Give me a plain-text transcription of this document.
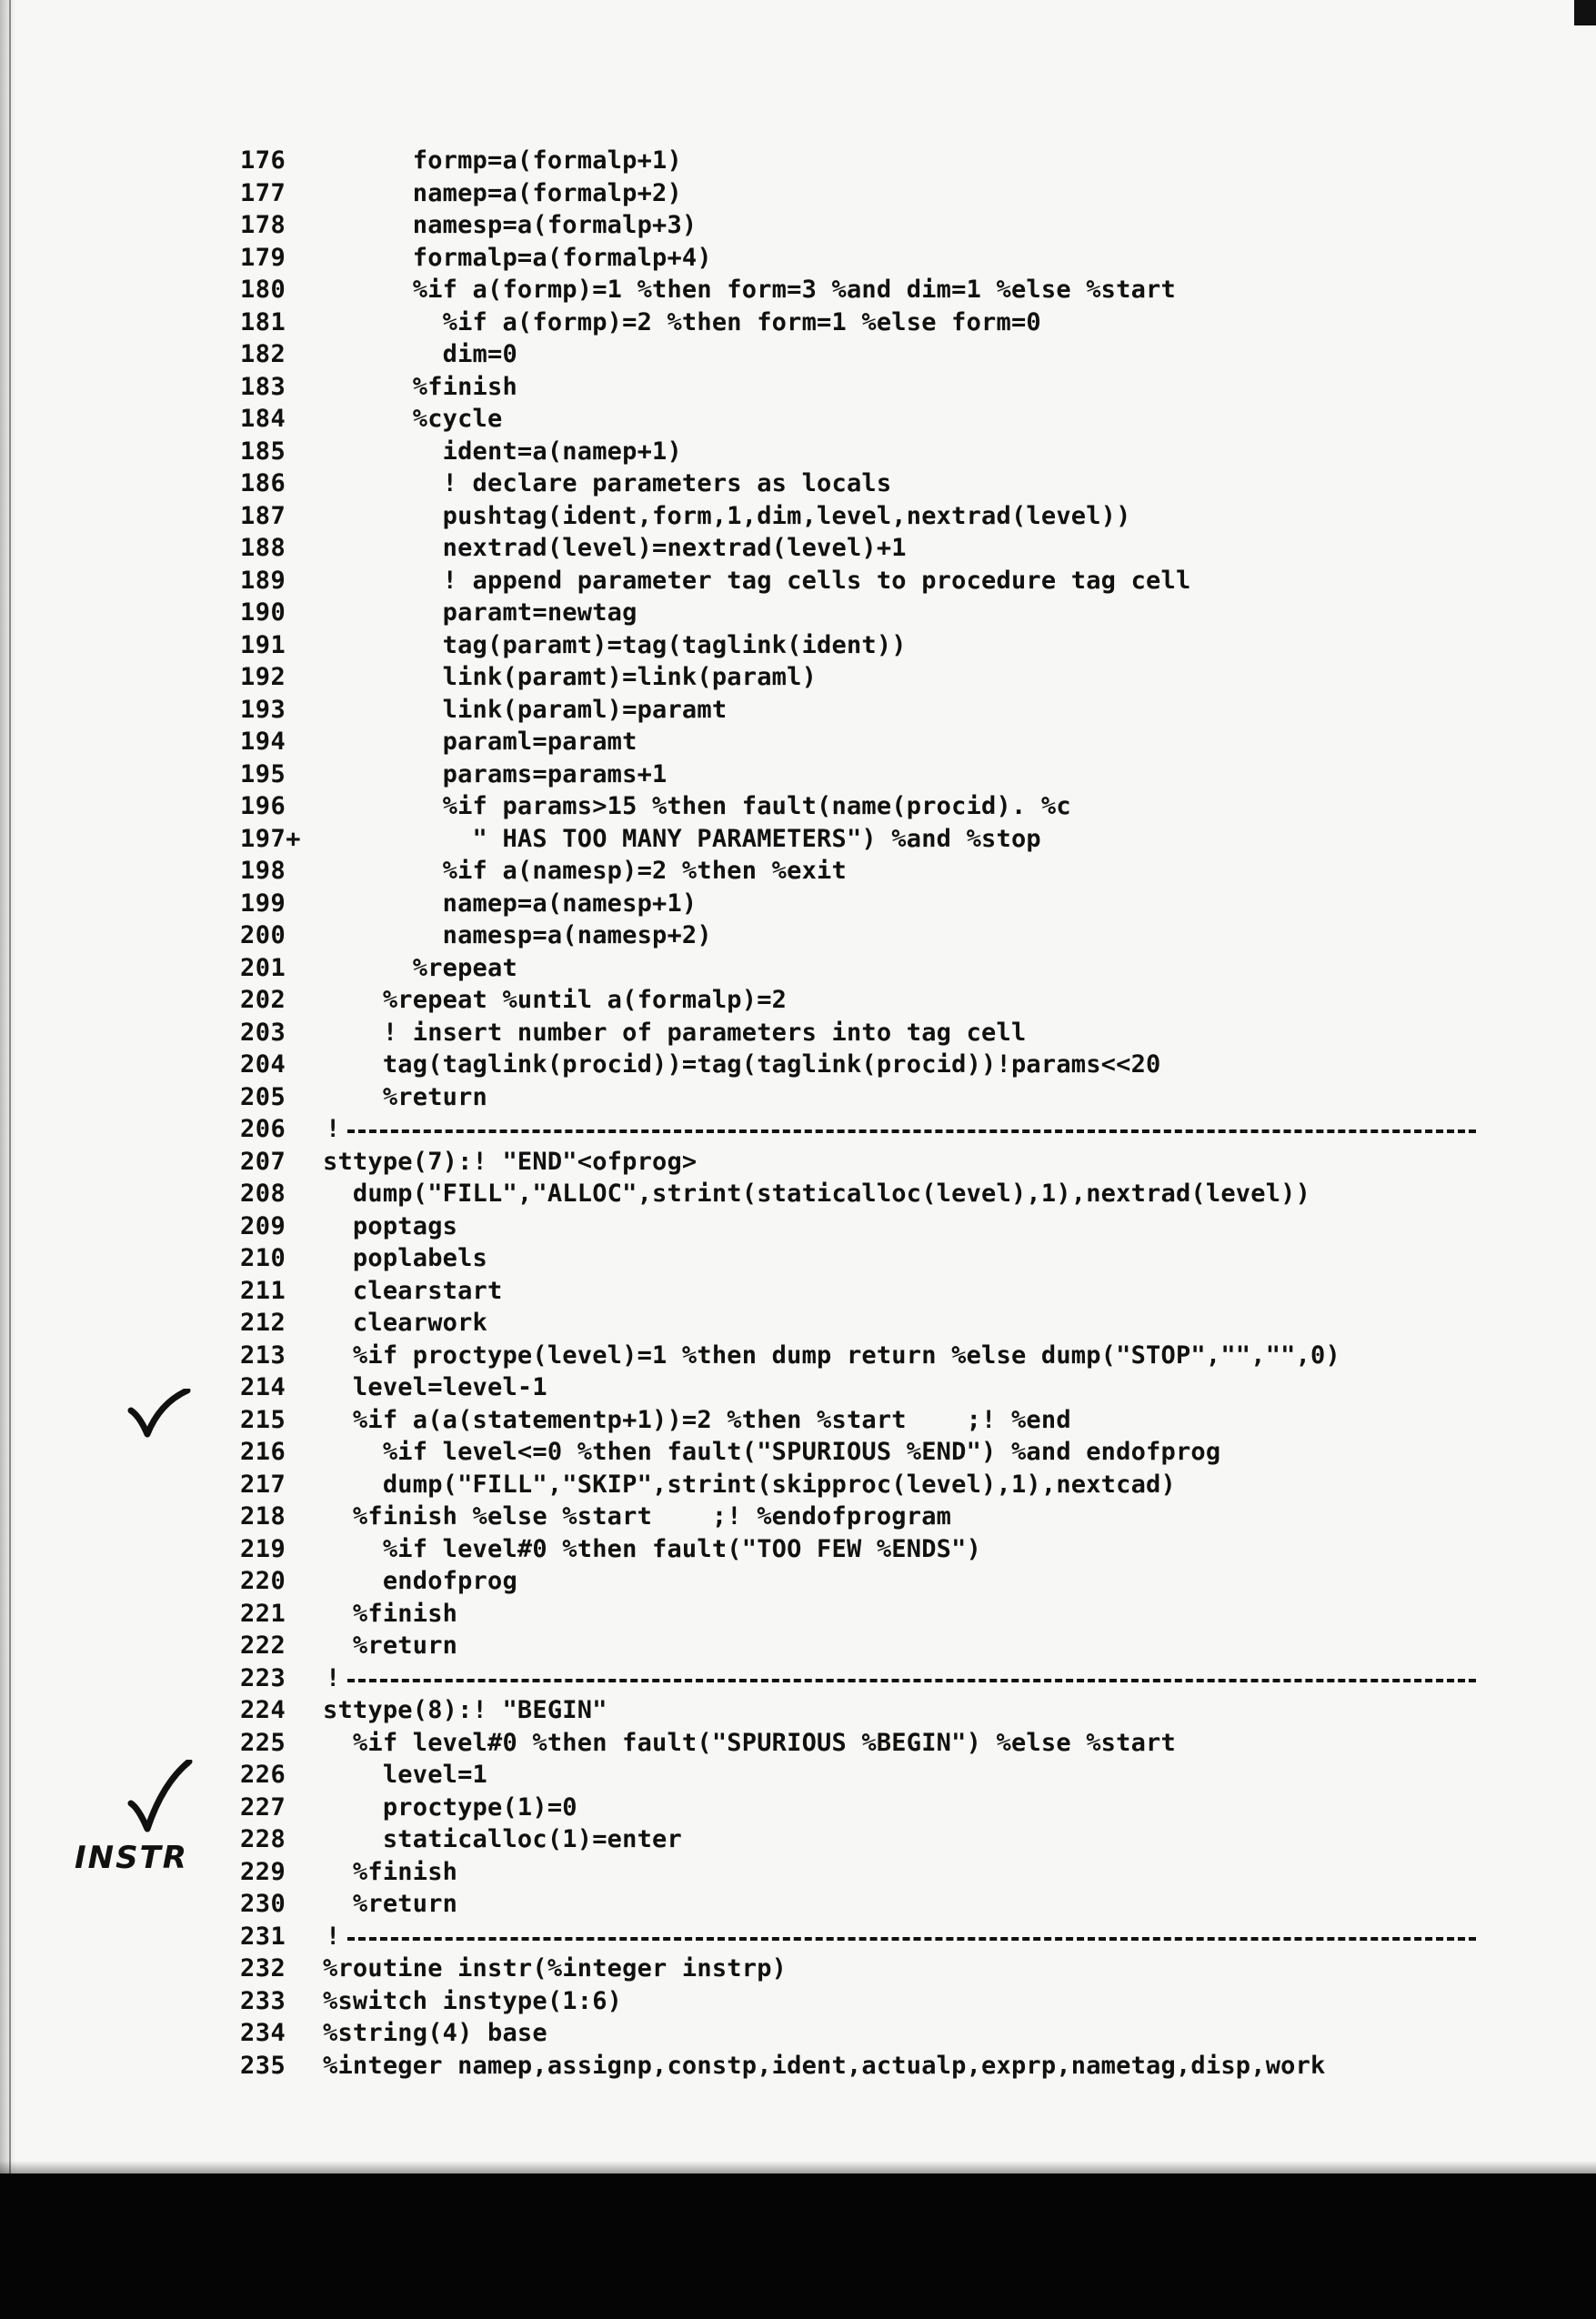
176	formp=a(formalp+1)
177	namep=a(formalp+2)
178	namesp=a(formalp+3)
179	formalp=a(formalp+4)
180	%if a(formp)=1 %then form=3 %and dim=1 %else %start
181	%if a(formp)=2 %then form=1 %else form=0
182	dim=0
183	%finish
184	%cycle
185	ident=a(namep+1)
186	! declare parameters as locals
187	pushtag(ident,form,1,dim,level,nextrad(level))
188	nextrad(level)=nextrad(level)+1
189	! append parameter tag cells to procedure tag cell
190	paramt=newtag
191	tag(paramt)=tag(taglink(ident))
192	link(paramt)=link(paraml)
193	link(paraml)=paramt
194	paraml=paramt
195	params=params+1
196	%if params>15 %then fault(name(procid). %c
197+ " HAS TOO MANY PARAMETERS") %and %stop
198	%if a(namesp)=2 %then %exit
199	namep=a(namesp+1)
200	namesp=a(namesp+2)
201	%repeat
202	%repeat %until a(formalp)=2
203	! insert number of parameters into tag cell
204	tag(taglink(procid))=tag(taglink(procid))!params<<20
205	%return
206	!
207	sttype(7):! "END"<ofprog>
208	dump("FILL","ALLOC",strint(staticalloc(level),1),nextrad(level))
209	poptags
210	poplabels
211	clearstart
212	clearwork
213	%if proctype(level)=1 %then dump return %else dump("STOP","","",0)
214	level=level-1
215	%if a(a(statementp+1))=2 %then %start    ;! %end
216	%if level<=0 %then fault("SPURIOUS %END") %and endofprog
217	dump("FILL","SKIP",strint(skipproc(level),1),nextcad)
218	%finish %else %start    ;! %endofprogram
219	%if level#0 %then fault("TOO FEW %ENDS")
220	endofprog
221	%finish
222	%return
223	!
224	sttype(8):! "BEGIN"
225	%if level#0 %then fault("SPURIOUS %BEGIN") %else %start
226	level=1
227	proctype(1)=0
228	staticalloc(1)=enter
229	%finish
230	%return
231	!
232	%routine instr(%integer instrp)
233	%switch instype(1:6)
234	%string(4) base
235	%integer namep,assignp,constp,ident,actualp,exprp,nametag,disp,work
INSTR
